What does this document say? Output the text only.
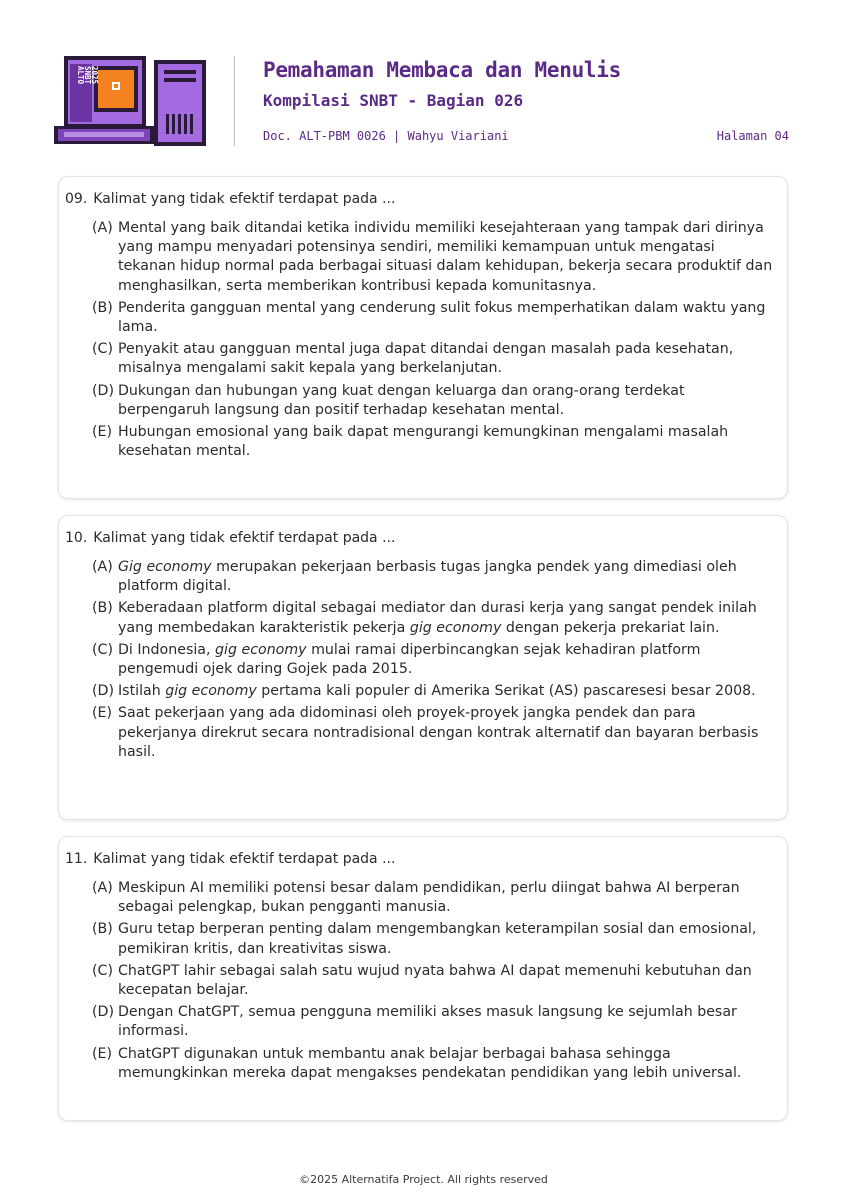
ALTO
SNBT
2025	Pemahaman Membaca dan Menulis
Kompilasi SNBT - Bagian 026
Doc. ALT-PBM 0026 | Wahyu Viariani	Halaman 04
09. Kalimat yang tidak efektif terdapat pada ...
(A) Mental yang baik ditandai ketika individu memiliki kesejahteraan yang tampak dari dirinya yang mampu menyadari potensinya sendiri, memiliki kemampuan untuk mengatasi tekanan hidup normal pada berbagai situasi dalam kehidupan, bekerja secara produktif dan menghasilkan, serta memberikan kontribusi kepada komunitasnya.
(B) Penderita gangguan mental yang cenderung sulit fokus memperhatikan dalam waktu yang lama.
(C) Penyakit atau gangguan mental juga dapat ditandai dengan masalah pada kesehatan, misalnya mengalami sakit kepala yang berkelanjutan.
(D) Dukungan dan hubungan yang kuat dengan keluarga dan orang-orang terdekat berpengaruh langsung dan positif terhadap kesehatan mental.
(E) Hubungan emosional yang baik dapat mengurangi kemungkinan mengalami masalah kesehatan mental.
10. Kalimat yang tidak efektif terdapat pada ...
(A) Gig economy merupakan pekerjaan berbasis tugas jangka pendek yang dimediasi oleh platform digital.
(B) Keberadaan platform digital sebagai mediator dan durasi kerja yang sangat pendek inilah yang membedakan karakteristik pekerja gig economy dengan pekerja prekariat lain.
(C) Di Indonesia, gig economy mulai ramai diperbincangkan sejak kehadiran platform pengemudi ojek daring Gojek pada 2015.
(D) Istilah gig economy pertama kali populer di Amerika Serikat (AS) pascaresesi besar 2008.
(E) Saat pekerjaan yang ada didominasi oleh proyek-proyek jangka pendek dan para pekerjanya direkrut secara nontradisional dengan kontrak alternatif dan bayaran berbasis hasil.
11. Kalimat yang tidak efektif terdapat pada ...
(A) Meskipun AI memiliki potensi besar dalam pendidikan, perlu diingat bahwa AI berperan sebagai pelengkap, bukan pengganti manusia.
(B) Guru tetap berperan penting dalam mengembangkan keterampilan sosial dan emosional, pemikiran kritis, dan kreativitas siswa.
(C) ChatGPT lahir sebagai salah satu wujud nyata bahwa AI dapat memenuhi kebutuhan dan kecepatan belajar.
(D) Dengan ChatGPT, semua pengguna memiliki akses masuk langsung ke sejumlah besar informasi.
(E) ChatGPT digunakan untuk membantu anak belajar berbagai bahasa sehingga memungkinkan mereka dapat mengakses pendekatan pendidikan yang lebih universal.
©2025 Alternatifa Project. All rights reserved
